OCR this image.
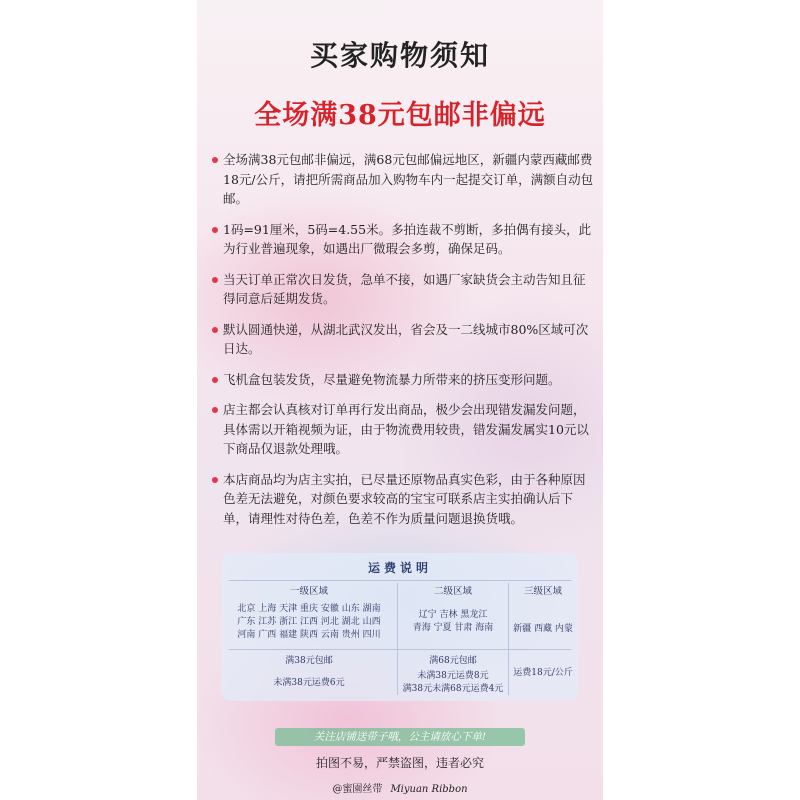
买家购物须知
全场满38元包邮非偏远
全场满38元包邮非偏远，满68元包邮偏远地区，新疆内蒙西藏邮费18元/公斤，请把所需商品加入购物车内一起提交订单，满额自动包邮。
1码=91厘米，5码=4.55米。多拍连裁不剪断，多拍偶有接头，此为行业普遍现象，如遇出厂微瑕会多剪，确保足码。
当天订单正常次日发货，急单不接，如遇厂家缺货会主动告知且征得同意后延期发货。
默认圆通快递，从湖北武汉发出，省会及一二线城市80%区域可次日达。
飞机盒包装发货，尽量避免物流暴力所带来的挤压变形问题。
店主都会认真核对订单再行发出商品，极少会出现错发漏发问题，具体需以开箱视频为证，由于物流费用较贵，错发漏发属实10元以下商品仅退款处理哦。
本店商品均为店主实拍，已尽量还原物品真实色彩，由于各种原因色差无法避免，对颜色要求较高的宝宝可联系店主实拍确认后下单，请理性对待色差，色差不作为质量问题退换货哦。
运费说明
一级区域
北京 上海 天津 重庆 安徽 山东 湖南
广东 江苏 浙江 江西 河北 湖北 山西
河南 广西 福建 陕西 云南 贵州 四川
满38元包邮
未满38元运费6元
二级区域
辽宁 吉林 黑龙江
青海 宁夏 甘肃 海南
满68元包邮
未满38元运费8元
满38元未满68元运费4元
三级区域
新疆 西藏 内蒙
运费18元/公斤
关注店铺送带子哦，公主请放心下单!
拍图不易，严禁盗图，违者必究
@蜜園丝带 Miyuan Ribbon
